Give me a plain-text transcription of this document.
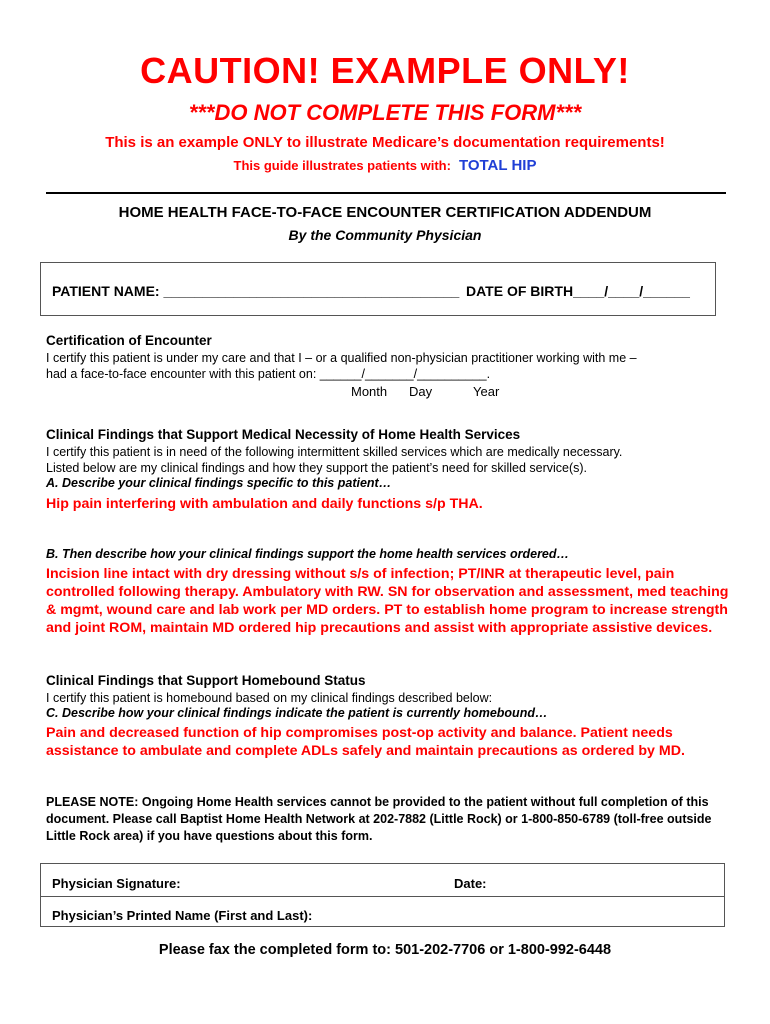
CAUTION! EXAMPLE ONLY!
***DO NOT COMPLETE THIS FORM***
This is an example ONLY to illustrate Medicare’s documentation requirements!
This guide illustrates patients with: TOTAL HIP
HOME HEALTH FACE-TO-FACE ENCOUNTER CERTIFICATION ADDENDUM
By the Community Physician
PATIENT NAME: ______________________________________ DATE OF BIRTH____/____/______
Certification of Encounter
I certify this patient is under my care and that I – or a qualified non-physician practitioner working with me –
had a face-to-face encounter with this patient on: ______/_______/__________.
Month Day	Year
Clinical Findings that Support Medical Necessity of Home Health Services
I certify this patient is in need of the following intermittent skilled services which are medically necessary.
Listed below are my clinical findings and how they support the patient’s need for skilled service(s).
A. Describe your clinical findings specific to this patient…
Hip pain interfering with ambulation and daily functions s/p THA.
B. Then describe how your clinical findings support the home health services ordered…
Incision line intact with dry dressing without s/s of infection; PT/INR at therapeutic level, pain controlled following therapy. Ambulatory with RW. SN for observation and assessment, med teaching & mgmt, wound care and lab work per MD orders. PT to establish home program to increase strength and joint ROM, maintain MD ordered hip precautions and assist with appropriate assistive devices.
Clinical Findings that Support Homebound Status
I certify this patient is homebound based on my clinical findings described below:
C. Describe how your clinical findings indicate the patient is currently homebound…
Pain and decreased function of hip compromises post-op activity and balance. Patient needs assistance to ambulate and complete ADLs safely and maintain precautions as ordered by MD.
PLEASE NOTE: Ongoing Home Health services cannot be provided to the patient without full completion of this document. Please call Baptist Home Health Network at 202-7882 (Little Rock) or 1-800-850-6789 (toll-free outside Little Rock area) if you have questions about this form.
Physician Signature:	Date:
Physician’s Printed Name (First and Last):
Please fax the completed form to: 501-202-7706 or 1-800-992-6448
